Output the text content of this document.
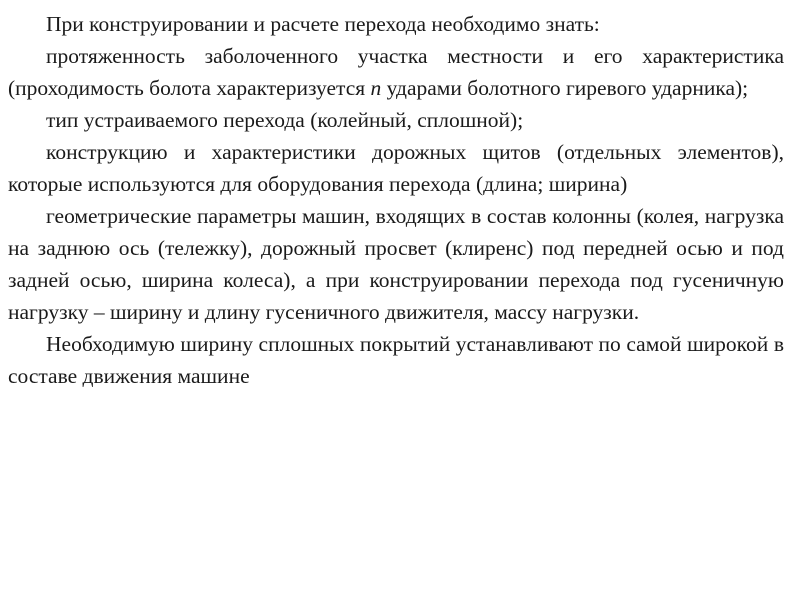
При конструировании и расчете перехода необходимо знать:

протяженность заболоченного участка местности и его характеристика (проходимость болота характеризуется n ударами болотного гиревого ударника);

тип устраиваемого перехода (колейный, сплошной);

конструкцию и характеристики дорожных щитов (отдельных элементов), которые используются для оборудования перехода (длина; ширина)

геометрические параметры машин, входящих в состав колонны (колея, нагрузка на заднюю ось (тележку), дорожный просвет (клиренс) под передней осью и под задней осью, ширина колеса), а при конструировании перехода под гусеничную нагрузку – ширину и длину гусеничного движителя, массу нагрузки.

Необходимую ширину сплошных покрытий устанавливают по самой широкой в составе движения машине
